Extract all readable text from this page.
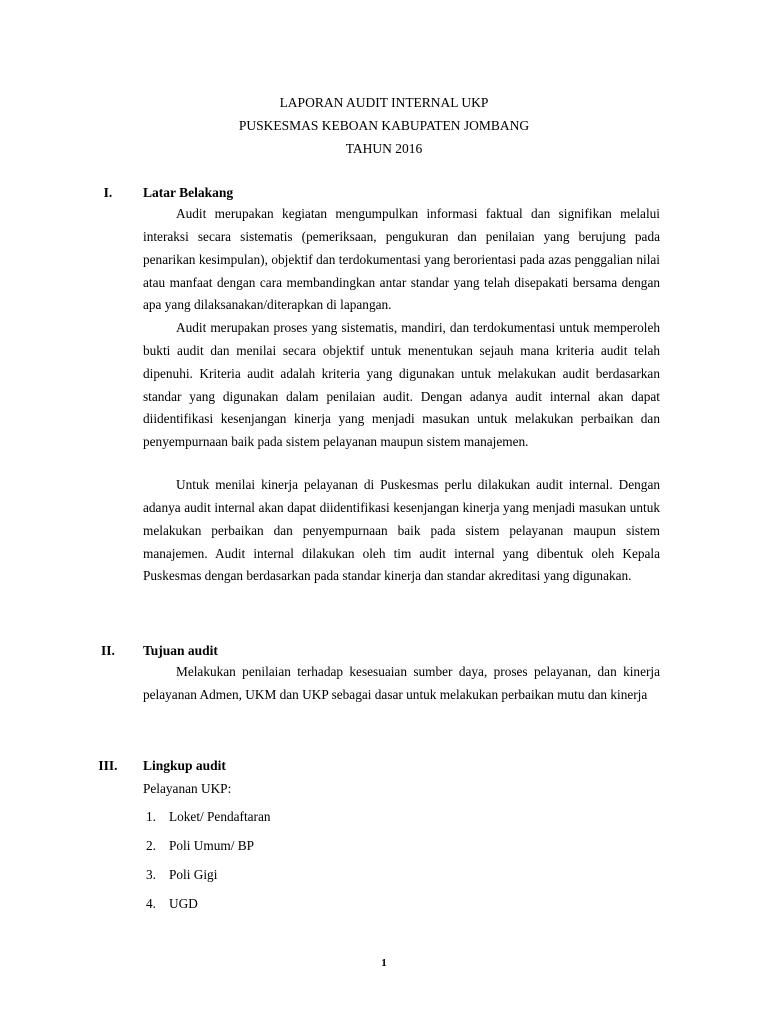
LAPORAN AUDIT INTERNAL UKP
PUSKESMAS KEBOAN KABUPATEN JOMBANG
TAHUN 2016
I.	Latar Belakang

Audit merupakan kegiatan mengumpulkan informasi faktual dan signifikan melalui interaksi secara sistematis (pemeriksaan, pengukuran dan penilaian yang berujung pada penarikan kesimpulan), objektif dan terdokumentasi yang berorientasi pada azas penggalian nilai atau manfaat dengan cara membandingkan antar standar yang telah disepakati bersama dengan apa yang dilaksanakan/diterapkan di lapangan.

Audit merupakan proses yang sistematis, mandiri, dan terdokumentasi untuk memperoleh bukti audit dan menilai secara objektif untuk menentukan sejauh mana kriteria audit telah dipenuhi. Kriteria audit adalah kriteria yang digunakan untuk melakukan audit berdasarkan standar yang digunakan dalam penilaian audit. Dengan adanya audit internal akan dapat diidentifikasi kesenjangan kinerja yang menjadi masukan untuk melakukan perbaikan dan penyempurnaan baik pada sistem pelayanan maupun sistem manajemen.

Untuk menilai kinerja pelayanan di Puskesmas perlu dilakukan audit internal. Dengan adanya audit internal akan dapat diidentifikasi kesenjangan kinerja yang menjadi masukan untuk melakukan perbaikan dan penyempurnaan baik pada sistem pelayanan maupun sistem manajemen. Audit internal dilakukan oleh tim audit internal yang dibentuk oleh Kepala Puskesmas dengan berdasarkan pada standar kinerja dan standar akreditasi yang digunakan.

II.	Tujuan audit

Melakukan penilaian terhadap kesesuaian sumber daya, proses pelayanan, dan kinerja pelayanan Admen, UKM dan UKP sebagai dasar untuk melakukan perbaikan mutu dan kinerja

III.	Lingkup audit
Pelayanan UKP:
1. Loket/ Pendaftaran
2. Poli Umum/ BP
3. Poli Gigi
4. UGD
1
